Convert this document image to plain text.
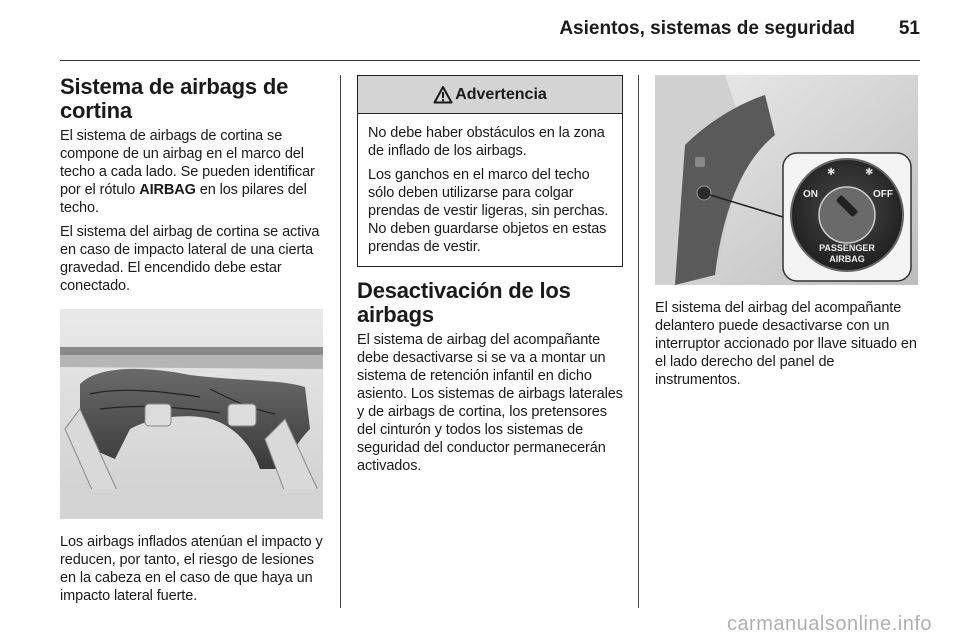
Asientos, sistemas de seguridad 51
Sistema de airbags de cortina

El sistema de airbags de cortina se compone de un airbag en el marco del techo a cada lado. Se pueden identificar por el rótulo AIRBAG en los pilares del techo.

El sistema del airbag de cortina se activa en caso de impacto lateral de una cierta gravedad. El encendido debe estar conectado.

Los airbags inflados atenúan el impacto y reducen, por tanto, el riesgo de lesiones en la cabeza en el caso de que haya un impacto lateral fuerte.

Advertencia

No debe haber obstáculos en la zona de inflado de los airbags.

Los ganchos en el marco del techo sólo deben utilizarse para colgar prendas de vestir ligeras, sin perchas. No deben guardarse objetos en estas prendas de vestir.

Desactivación de los airbags

El sistema de airbag del acompañante debe desactivarse si se va a montar un sistema de retención infantil en dicho asiento. Los sistemas de airbags laterales y de airbags de cortina, los pretensores del cinturón y todos los sistemas de seguridad del conductor permanecerán activados.

✱	✱
ON	OFF
PASSENGER
AIRBAG

El sistema del airbag del acompañante delantero puede desactivarse con un interruptor accionado por llave situado en el lado derecho del panel de instrumentos.

carmanualsonline.info
